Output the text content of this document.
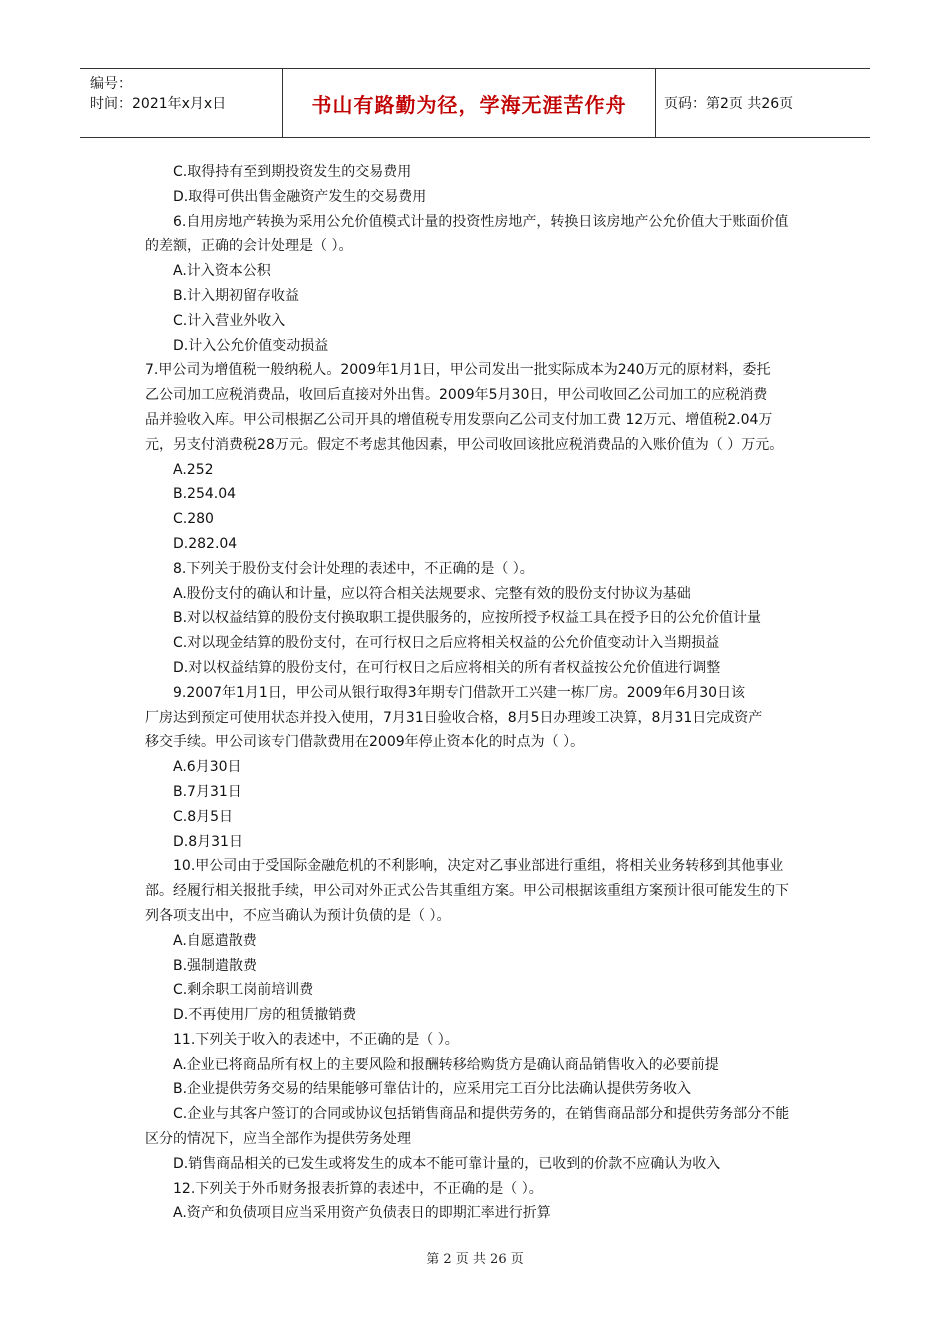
编号：
时间：2021年x月x日	书山有路勤为径，学海无涯苦作舟	页码：第2页 共26页
C.取得持有至到期投资发生的交易费用
D.取得可供出售金融资产发生的交易费用
6.自用房地产转换为采用公允价值模式计量的投资性房地产，转换日该房地产公允价值大于账面价值
的差额，正确的会计处理是（ ）。
A.计入资本公积
B.计入期初留存收益
C.计入营业外收入
D.计入公允价值变动损益
7.甲公司为增值税一般纳税人。2009年1月1日，甲公司发出一批实际成本为240万元的原材料，委托
乙公司加工应税消费品，收回后直接对外出售。2009年5月30日，甲公司收回乙公司加工的应税消费
品并验收入库。甲公司根据乙公司开具的增值税专用发票向乙公司支付加工费 12万元、增值税2.04万
元，另支付消费税28万元。假定不考虑其他因素，甲公司收回该批应税消费品的入账价值为（ ）万元。
A.252
B.254.04
C.280
D.282.04
8.下列关于股份支付会计处理的表述中，不正确的是（ ）。
A.股份支付的确认和计量，应以符合相关法规要求、完整有效的股份支付协议为基础
B.对以权益结算的股份支付换取职工提供服务的，应按所授予权益工具在授予日的公允价值计量
C.对以现金结算的股份支付，在可行权日之后应将相关权益的公允价值变动计入当期损益
D.对以权益结算的股份支付，在可行权日之后应将相关的所有者权益按公允价值进行调整
9.2007年1月1日，甲公司从银行取得3年期专门借款开工兴建一栋厂房。2009年6月30日该
厂房达到预定可使用状态并投入使用，7月31日验收合格，8月5日办理竣工决算，8月31日完成资产
移交手续。甲公司该专门借款费用在2009年停止资本化的时点为（ ）。
A.6月30日
B.7月31日
C.8月5日
D.8月31日
10.甲公司由于受国际金融危机的不利影响，决定对乙事业部进行重组，将相关业务转移到其他事业
部。经履行相关报批手续，甲公司对外正式公告其重组方案。甲公司根据该重组方案预计很可能发生的下
列各项支出中，不应当确认为预计负债的是（ ）。
A.自愿遣散费
B.强制遣散费
C.剩余职工岗前培训费
D.不再使用厂房的租赁撤销费
11.下列关于收入的表述中，不正确的是（ ）。
A.企业已将商品所有权上的主要风险和报酬转移给购货方是确认商品销售收入的必要前提
B.企业提供劳务交易的结果能够可靠估计的，应采用完工百分比法确认提供劳务收入
C.企业与其客户签订的合同或协议包括销售商品和提供劳务的，在销售商品部分和提供劳务部分不能
区分的情况下，应当全部作为提供劳务处理
D.销售商品相关的已发生或将发生的成本不能可靠计量的，已收到的价款不应确认为收入
12.下列关于外币财务报表折算的表述中，不正确的是（ ）。
A.资产和负债项目应当采用资产负债表日的即期汇率进行折算
第 2 页 共 26 页
